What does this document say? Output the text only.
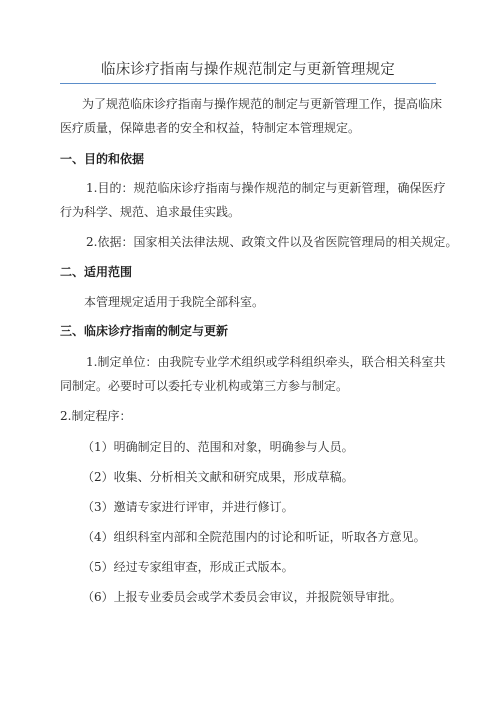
临床诊疗指南与操作规范制定与更新管理规定
为了规范临床诊疗指南与操作规范的制定与更新管理工作，提高临床
医疗质量，保障患者的安全和权益，特制定本管理规定。
一、目的和依据
1.目的：规范临床诊疗指南与操作规范的制定与更新管理，确保医疗
行为科学、规范、追求最佳实践。
2.依据：国家相关法律法规、政策文件以及省医院管理局的相关规定。
二、适用范围
本管理规定适用于我院全部科室。
三、临床诊疗指南的制定与更新
1.制定单位：由我院专业学术组织或学科组织牵头，联合相关科室共
同制定。必要时可以委托专业机构或第三方参与制定。
2.制定程序：
（1）明确制定目的、范围和对象，明确参与人员。
（2）收集、分析相关文献和研究成果，形成草稿。
（3）邀请专家进行评审，并进行修订。
（4）组织科室内部和全院范围内的讨论和听证，听取各方意见。
（5）经过专家组审查，形成正式版本。
（6）上报专业委员会或学术委员会审议，并报院领导审批。
